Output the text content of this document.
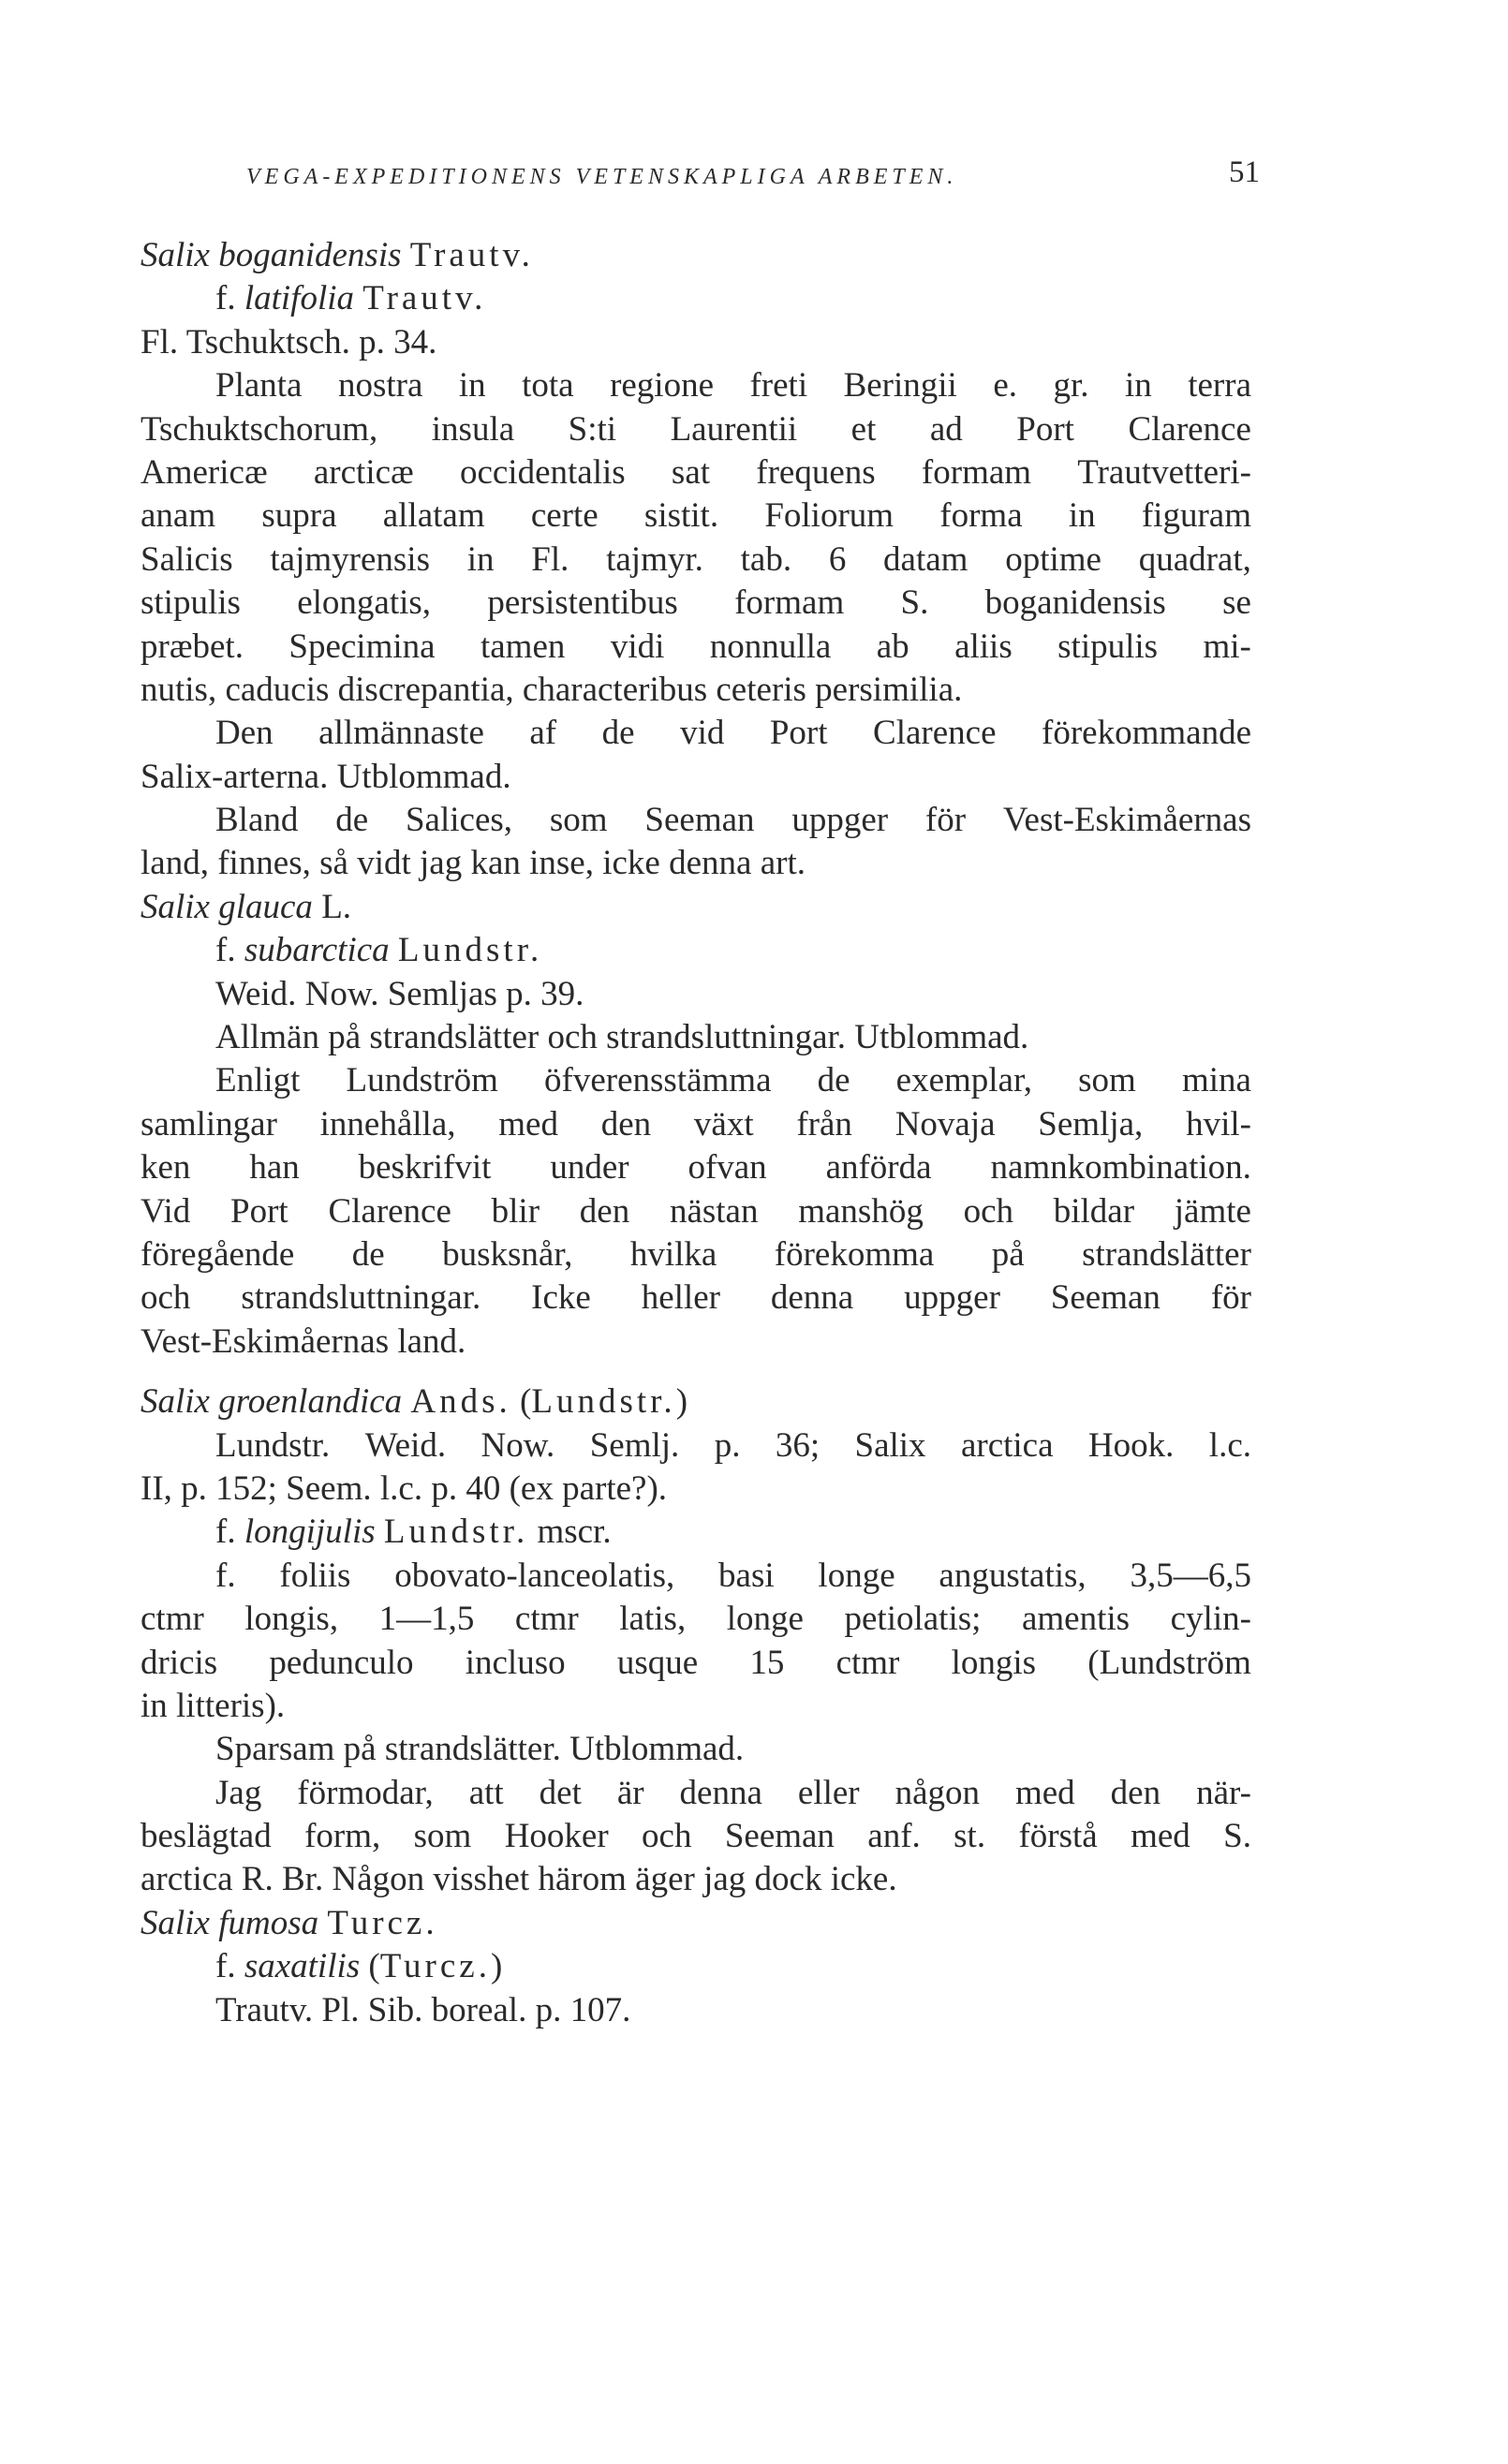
VEGA-EXPEDITIONENS VETENSKAPLIGA ARBETEN.	51
Salix boganidensis Trautv.
f. latifolia Trautv.
Fl. Tschuktsch. p. 34.
Planta nostra in tota regione freti Beringii e. gr. in terra
Tschuktschorum, insula S:ti Laurentii et ad Port Clarence
Americæ arcticæ occidentalis sat frequens formam Trautvetteri-
anam supra allatam certe sistit. Foliorum forma in figuram
Salicis tajmyrensis in Fl. tajmyr. tab. 6 datam optime quadrat,
stipulis elongatis, persistentibus formam S. boganidensis se
præbet. Specimina tamen vidi nonnulla ab aliis stipulis mi-
nutis, caducis discrepantia, characteribus ceteris persimilia.
Den allmännaste af de vid Port Clarence förekommande
Salix-arterna. Utblommad.
Bland de Salices, som Seeman uppger för Vest-Eskimåernas
land, finnes, så vidt jag kan inse, icke denna art.
Salix glauca L.
f. subarctica Lundstr.
Weid. Now. Semljas p. 39.
Allmän på strandslätter och strandsluttningar. Utblommad.
Enligt Lundström öfverensstämma de exemplar, som mina
samlingar innehålla, med den växt från Novaja Semlja, hvil-
ken han beskrifvit under ofvan anförda namnkombination.
Vid Port Clarence blir den nästan manshög och bildar jämte
föregående de busksnår, hvilka förekomma på strandslätter
och strandsluttningar. Icke heller denna uppger Seeman för
Vest-Eskimåernas land.
Salix groenlandica Ands. (Lundstr.)
Lundstr. Weid. Now. Semlj. p. 36; Salix arctica Hook. l.c.
II, p. 152; Seem. l.c. p. 40 (ex parte?).
f. longijulis Lundstr. mscr.
f. foliis obovato-lanceolatis, basi longe angustatis, 3,5—6,5
ctmr longis, 1—1,5 ctmr latis, longe petiolatis; amentis cylin-
dricis pedunculo incluso usque 15 ctmr longis (Lundström
in litteris).
Sparsam på strandslätter. Utblommad.
Jag förmodar, att det är denna eller någon med den när-
beslägtad form, som Hooker och Seeman anf. st. förstå med S.
arctica R. Br. Någon visshet härom äger jag dock icke.
Salix fumosa Turcz.
f. saxatilis (Turcz.)
Trautv. Pl. Sib. boreal. p. 107.
